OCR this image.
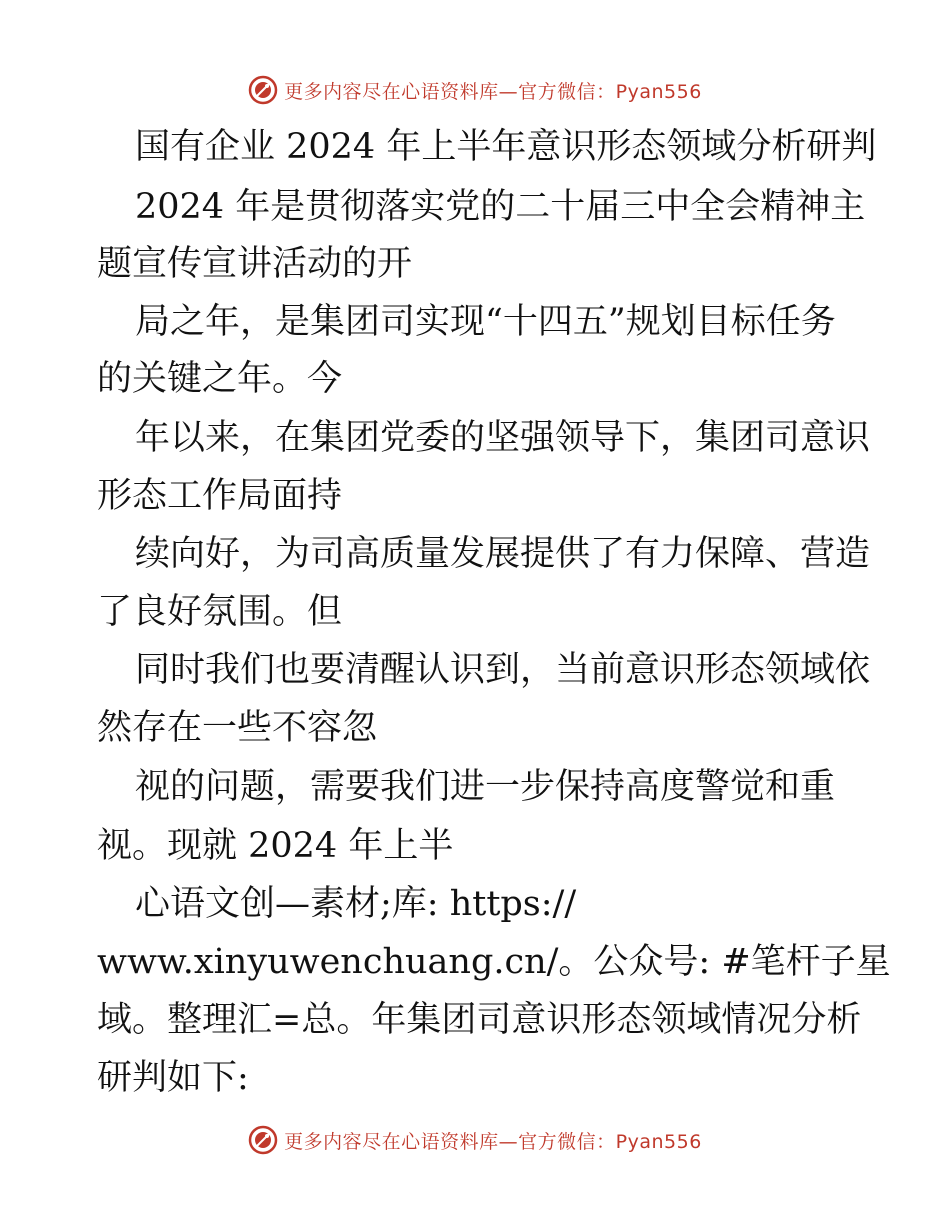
更多内容尽在心语资料库—官方微信：Pyan556
国有企业 2024 年上半年意识形态领域分析研判
2024 年是贯彻落实党的二十届三中全会精神主
题宣传宣讲活动的开
局之年，是集团司实现“十四五”规划目标任务
的关键之年。今
年以来，在集团党委的坚强领导下，集团司意识
形态工作局面持
续向好，为司高质量发展提供了有力保障、营造
了良好氛围。但
同时我们也要清醒认识到，当前意识形态领域依
然存在一些不容忽
视的问题，需要我们进一步保持高度警觉和重
视。现就 2024 年上半
心语文创—素材;库: https://
www.xinyuwenchuang.cn/。公众号: #笔杆子星
域。整理汇=总。年集团司意识形态领域情况分析
研判如下:
更多内容尽在心语资料库—官方微信：Pyan556
